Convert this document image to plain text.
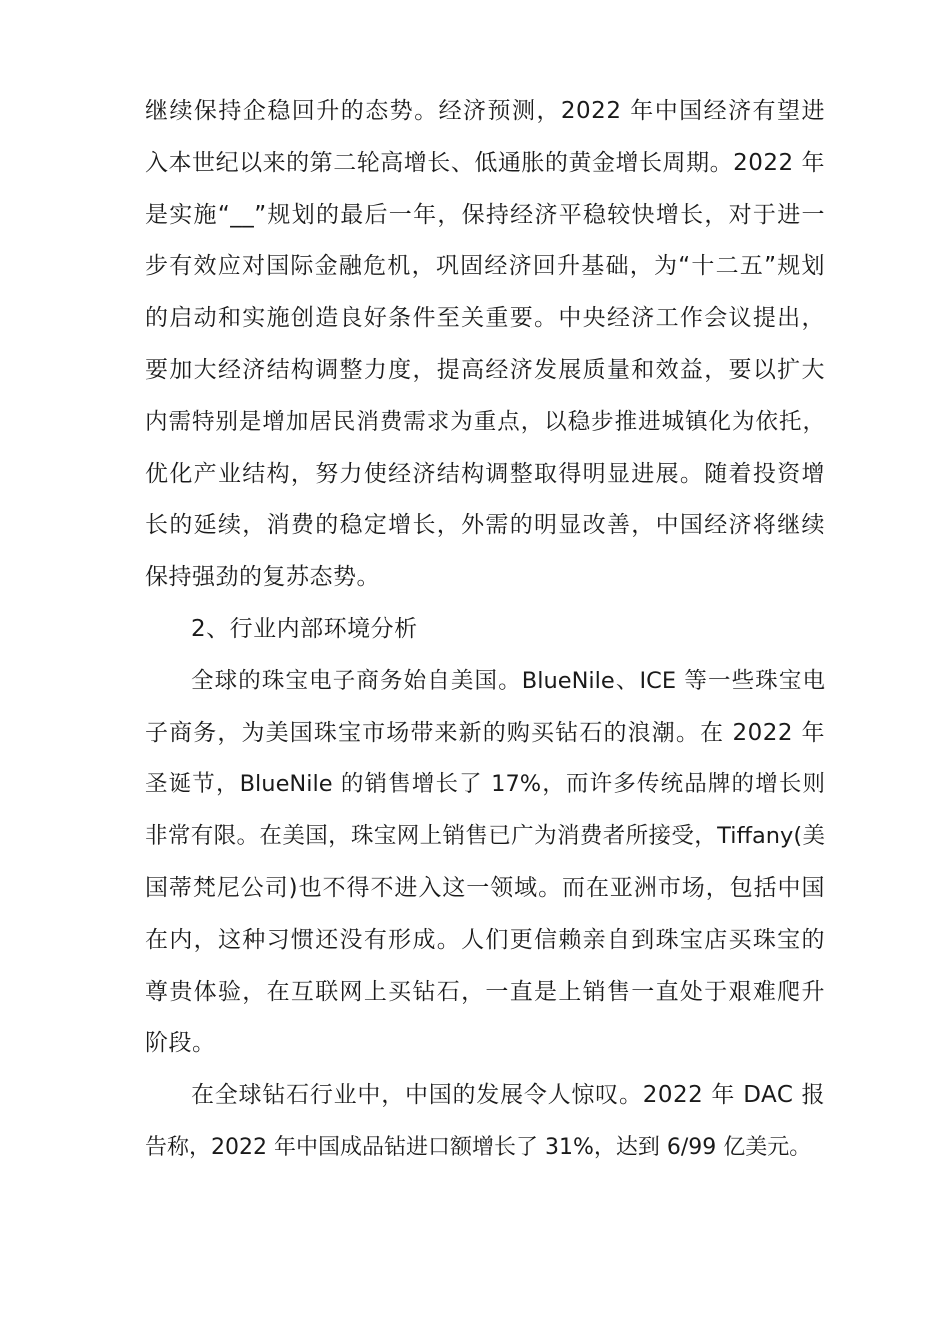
继续保持企稳回升的态势。经济预测，2022 年中国经济有望进
入本世纪以来的第二轮高增长、低通胀的黄金增长周期。2022 年
是实施“__”规划的最后一年，保持经济平稳较快增长，对于进一
步有效应对国际金融危机，巩固经济回升基础，为“十二五”规划
的启动和实施创造良好条件至关重要。中央经济工作会议提出，
要加大经济结构调整力度，提高经济发展质量和效益，要以扩大
内需特别是增加居民消费需求为重点，以稳步推进城镇化为依托，
优化产业结构，努力使经济结构调整取得明显进展。随着投资增
长的延续，消费的稳定增长，外需的明显改善，中国经济将继续
保持强劲的复苏态势。
2、行业内部环境分析
全球的珠宝电子商务始自美国。BlueNile、ICE 等一些珠宝电
子商务，为美国珠宝市场带来新的购买钻石的浪潮。在 2022 年
圣诞节，BlueNile 的销售增长了 17%，而许多传统品牌的增长则
非常有限。在美国，珠宝网上销售已广为消费者所接受，Tiffany(美
国蒂梵尼公司)也不得不进入这一领域。而在亚洲市场，包括中国
在内，这种习惯还没有形成。人们更信赖亲自到珠宝店买珠宝的
尊贵体验，在互联网上买钻石，一直是上销售一直处于艰难爬升
阶段。
在全球钻石行业中，中国的发展令人惊叹。2022 年 DAC 报
告称，2022 年中国成品钻进口额增长了 31%，达到 6/99 亿美元。
